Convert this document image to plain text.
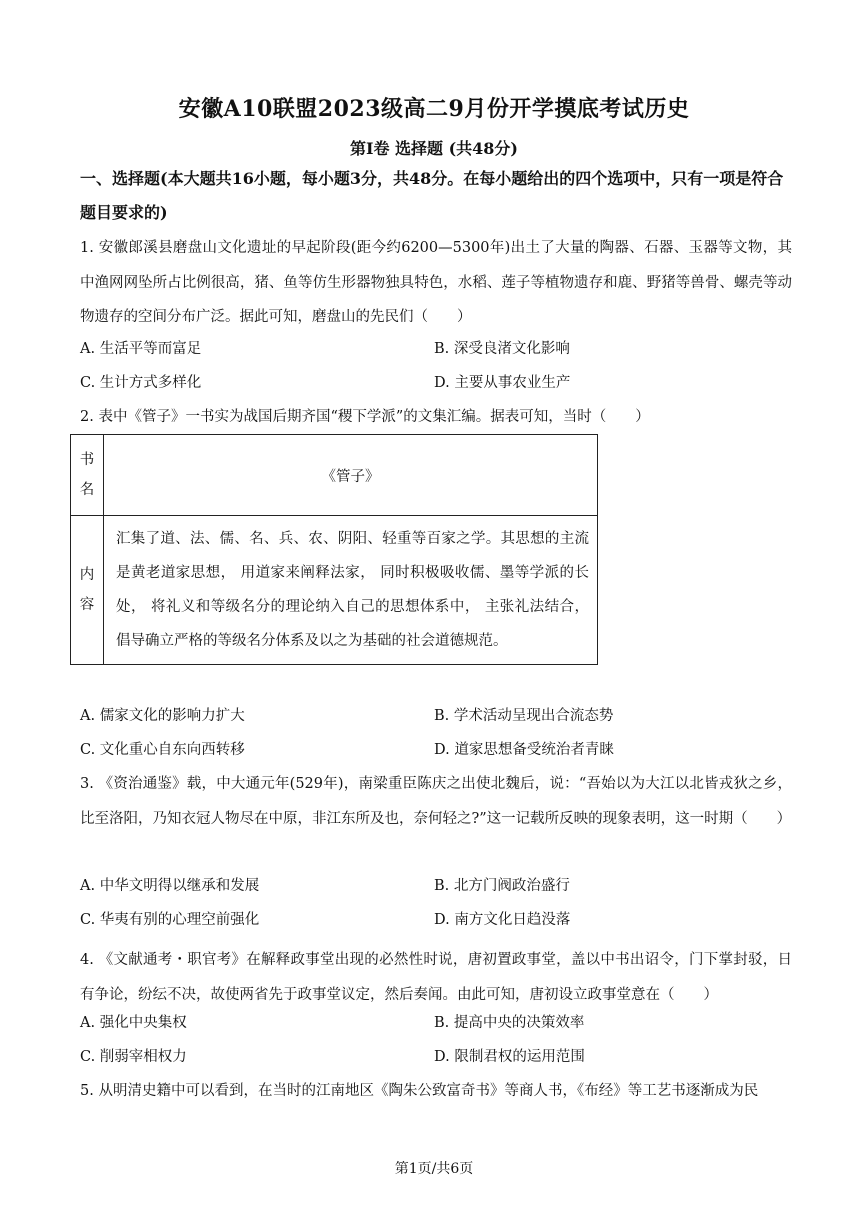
安徽A10联盟2023级高二9月份开学摸底考试历史
第Ⅰ卷 选择题 (共48分)
一、选择题(本大题共16小题，每小题3分，共48分。在每小题给出的四个选项中，只有一项是符合题目要求的)
1. 安徽郎溪县磨盘山文化遗址的早起阶段(距今约6200—5300年)出土了大量的陶器、石器、玉器等文物，其中渔网网坠所占比例很高，猪、鱼等仿生形器物独具特色，水稻、莲子等植物遗存和鹿、野猪等兽骨、螺壳等动物遗存的空间分布广泛。据此可知，磨盘山的先民们（　　）
A. 生活平等而富足	B. 深受良渚文化影响
C. 生计方式多样化	D. 主要从事农业生产
2. 表中《管子》一书实为战国后期齐国“稷下学派”的文集汇编。据表可知，当时（　　）
书
名	《管子》

内
容	汇集了道、法、儒、名、兵、农、阴阳、轻重等百家之学。其思想的主流是黄老道家思想， 用道家来阐释法家， 同时积极吸收儒、墨等学派的长处， 将礼义和等级名分的理论纳入自己的思想体系中， 主张礼法结合， 倡导确立严格的等级名分体系及以之为基础的社会道德规范。
A. 儒家文化的影响力扩大	B. 学术活动呈现出合流态势
C. 文化重心自东向西转移	D. 道家思想备受统治者青睐
3. 《资治通鉴》载，中大通元年(529年)，南梁重臣陈庆之出使北魏后，说：“吾始以为大江以北皆戎狄之乡，比至洛阳，乃知衣冠人物尽在中原，非江东所及也，奈何轻之?”这一记载所反映的现象表明，这一时期（　　）
A. 中华文明得以继承和发展	B. 北方门阀政治盛行
C. 华夷有别的心理空前强化	D. 南方文化日趋没落
4. 《文献通考・职官考》在解释政事堂出现的必然性时说，唐初置政事堂，盖以中书出诏令，门下掌封驳，日有争论，纷纭不决，故使两省先于政事堂议定，然后奏闻。由此可知，唐初设立政事堂意在（　　）
A. 强化中央集权	B. 提高中央的决策效率
C. 削弱宰相权力	D. 限制君权的运用范围
5. 从明清史籍中可以看到，在当时的江南地区《陶朱公致富奇书》等商人书，《布经》等工艺书逐渐成为民
第1页/共6页
